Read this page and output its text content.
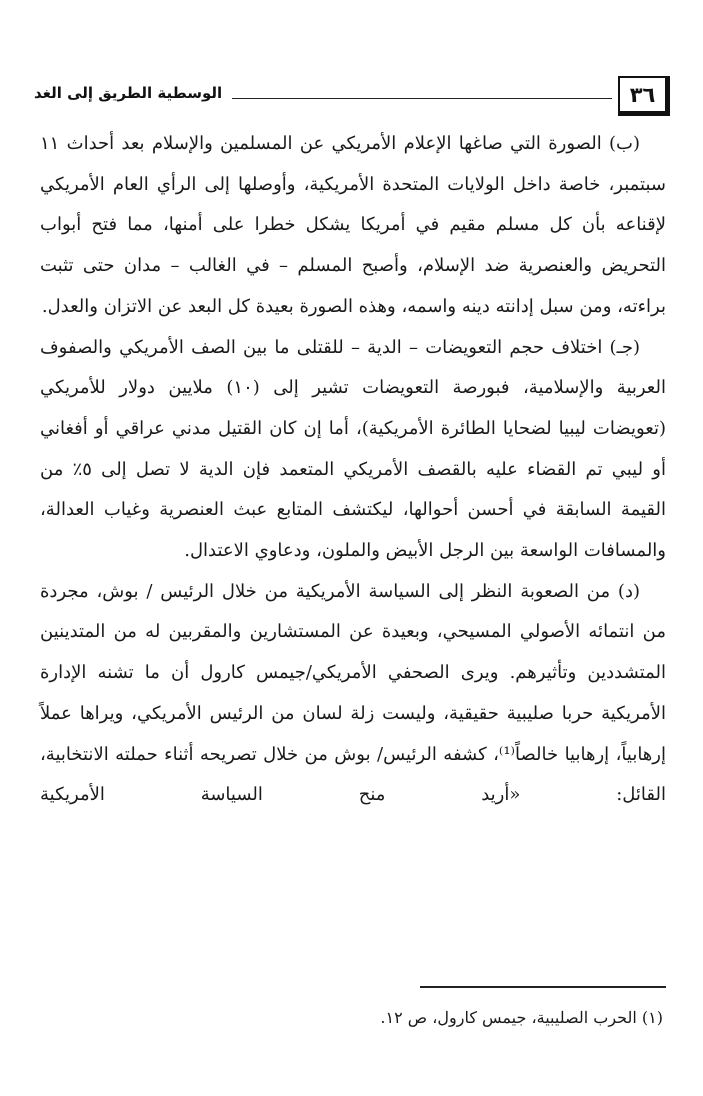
٣٦
الوسطية الطريق إلى الغد

(ب) الصورة التي صاغها الإعلام الأمريكي عن المسلمين والإسلام بعد أحداث ١١ سبتمبر، خاصة داخل الولايات المتحدة الأمريكية، وأوصلها إلى الرأي العام الأمريكي لإقناعه بأن كل مسلم مقيم في أمريكا يشكل خطرا على أمنها، مما فتح أبواب التحريض والعنصرية ضد الإسلام، وأصبح المسلم – في الغالب – مدان حتى تثبت براءته، ومن سبل إدانته دينه واسمه، وهذه الصورة بعيدة كل البعد عن الاتزان والعدل.

(جـ) اختلاف حجم التعويضات – الدية – للقتلى ما بين الصف الأمريكي والصفوف العربية والإسلامية، فبورصة التعويضات تشير إلى (١٠) ملايين دولار للأمريكي (تعويضات ليبيا لضحايا الطائرة الأمريكية)، أما إن كان القتيل مدني عراقي أو أفغاني أو ليبي تم القضاء عليه بالقصف الأمريكي المتعمد فإن الدية لا تصل إلى ٥٪ من القيمة السابقة في أحسن أحوالها، ليكتشف المتابع عبث العنصرية وغياب العدالة، والمسافات الواسعة بين الرجل الأبيض والملون، ودعاوي الاعتدال.

(د) من الصعوبة النظر إلى السياسة الأمريكية من خلال الرئيس / بوش، مجردة من انتمائه الأصولي المسيحي، وبعيدة عن المستشارين والمقربين له من المتدينين المتشددين وتأثيرهم. ويرى الصحفي الأمريكي/جيمس كارول أن ما تشنه الإدارة الأمريكية حربا صليبية حقيقية، وليست زلة لسان من الرئيس الأمريكي، ويراها عملاً إرهابياً، إرهابيا خالصاً⁽¹⁾، كشفه الرئيس/ بوش من خلال تصريحه أثناء حملته الانتخابية، القائل: «أريد منح السياسة الأمريكية

(١) الحرب الصليبية، جيمس كارول، ص ١٢.
